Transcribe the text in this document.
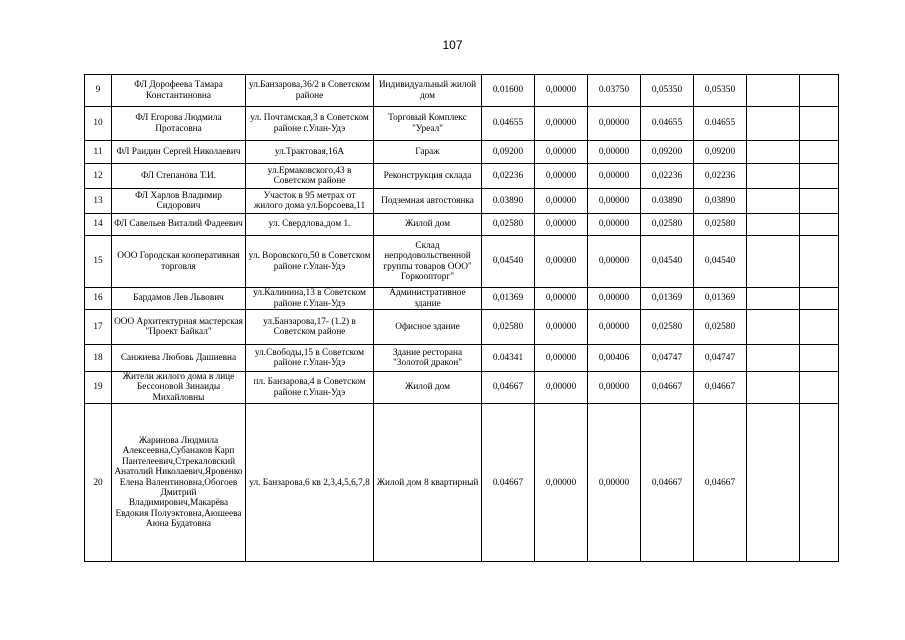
107
9	ФЛ Дорофеева Тамара Константиновна	ул.Банзарова,36/2 в Советском районе	Индивидуальный жилой дом	0.01600	0,00000	0.03750	0,05350	0,05350		
10	ФЛ Егорова Людмила Протасовна	ул. Почтамская,3 в Советском районе г.Улан-Удэ	Торговый Комплекс "Уреал"	0.04655	0,00000	0,00000	0.04655	0.04655		
11	ФЛ Раидин Сергей Николаевич	ул.Трактовая,16А	Гараж	0,09200	0,00000	0,00000	0,09200	0,09200		
12	ФЛ Степанова Т.И.	ул.Ермаковского,43 в Советском районе	Реконструкция склада	0,02236	0,00000	0,00000	0,02236	0,02236		
13	ФЛ Харлов Владимир Сидорович	Участок в 95 метрах от жилого дома ул.Борсоева,11	Подземная автостоянка	0.03890	0,00000	0,00000	0.03890	0,03890		
14	ФЛ Савельев Виталий Фадеевич	ул. Свердлова,дом 1.	Жилой дом	0,02580	0,00000	0,00000	0,02580	0,02580		
15	ООО Городская кооперативная торговля	ул. Воровского,50 в Советском районе г.Улан-Удэ	Склад непродовольственной группы товаров ООО" Горкоопторг"	0,04540	0,00000	0,00000	0,04540	0,04540		
16	Бардамов Лев Львович	ул.Калинина,13 в Советском районе г.Улан-Удэ	Административное здание	0,01369	0,00000	0,00000	0,01369	0,01369		
17	ООО Архитектурная мастерская "Проект Байкал"	ул.Банзарова,17- (1.2) в Советском районе	Офисное здание	0,02580	0,00000	0,00000	0,02580	0,02580		
18	Санжиева Любовь Дашиевна	ул.Свободы,15 в Советском районе г.Улан-Удэ	Здание ресторана "Золотой дракон"	0.04341	0,00000	0,00406	0,04747	0,04747		
19	Жители жилого дома в лице Бессоновой Зинаиды Михайловны	пл. Банзарова,4 в Советском районе г.Улан-Удэ	Жилой дом	0,04667	0,00000	0,00000	0,04667	0,04667		
20	Жаринова Людмила Алексеевна,Субанаков Карп Пантелеевич,Стрекаловский Анатолий Николаевич,Яровенко Елена Валентиновна,Обогоев Дмитрий Владимирович,Макарёва Евдокия Полуэктовна,Аюшеева Аюна Будатовна	ул. Банзарова,6 кв 2,3,4,5,6,7,8	Жилой дом 8 квартирный	0.04667	0,00000	0,00000	0,04667	0,04667		
